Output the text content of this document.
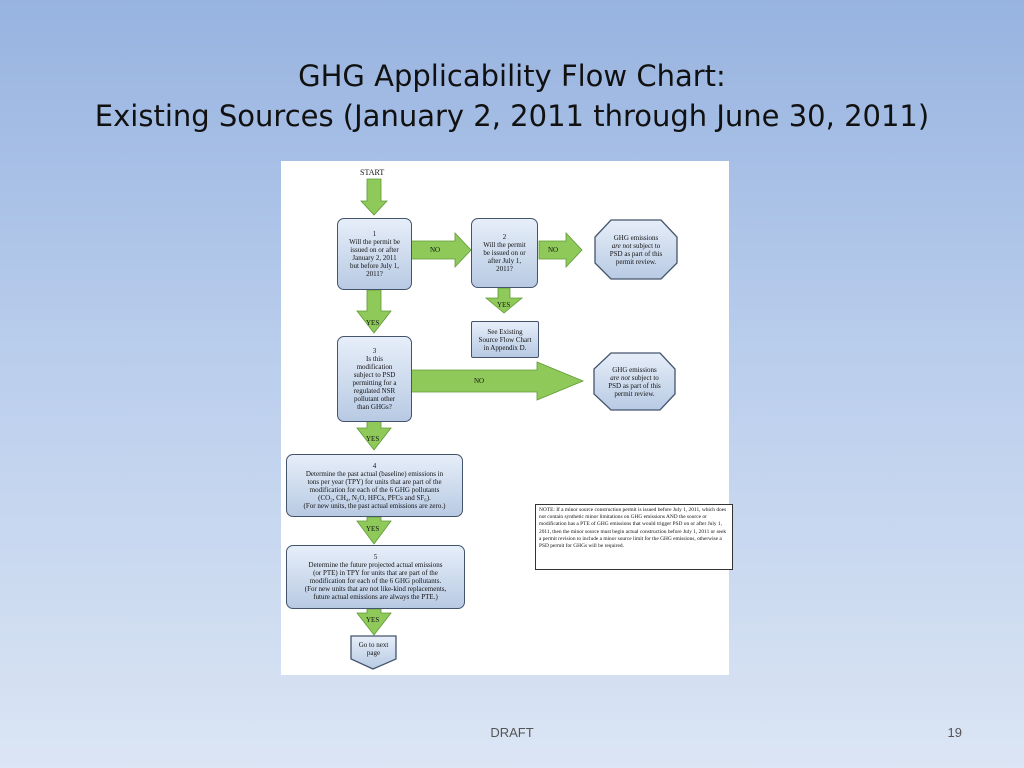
GHG Applicability Flow Chart:
Existing Sources (January 2, 2011 through June 30, 2011)
START
1
Will the permit be
issued on or after
January 2, 2011
but before July 1,
2011?
2
Will the permit
be issued on or
after July 1,
2011?
3
Is this
modification
subject to PSD
permitting for a
regulated NSR
pollutant other
than GHGs?
4
Determine the past actual (baseline) emissions in
tons per year (TPY) for units that are part of the
modification for each of the 6 GHG pollutants
(CO₂, CH₄, N₂O, HFCs, PFCs and SF₆).
(For new units, the past actual emissions are zero.)
5
Determine the future projected actual emissions
(or PTE) in TPY for units that are part of the
modification for each of the 6 GHG pollutants.
(For new units that are not like-kind replacements,
future actual emissions are always the PTE.)
See Existing
Source Flow Chart
in Appendix D.
GHG emissions
are not subject to
PSD as part of this
permit review.
GHG emissions
are not subject to
PSD as part of this
permit review.
Go to next
page
NO	NO
NO
YES
YES
YES
YES
YES
NOTE: If a minor source construction permit is issued before July 1, 2011, which does not contain synthetic minor limitations on GHG emissions AND the source or modification has a PTE of GHG emissions that would trigger PSD on or after July 1, 2011, then the minor source must begin actual construction before July 1, 2011 or seek a permit revision to include a minor source limit for the GHG emissions, otherwise a PSD permit for GHGs will be required.
DRAFT	19
